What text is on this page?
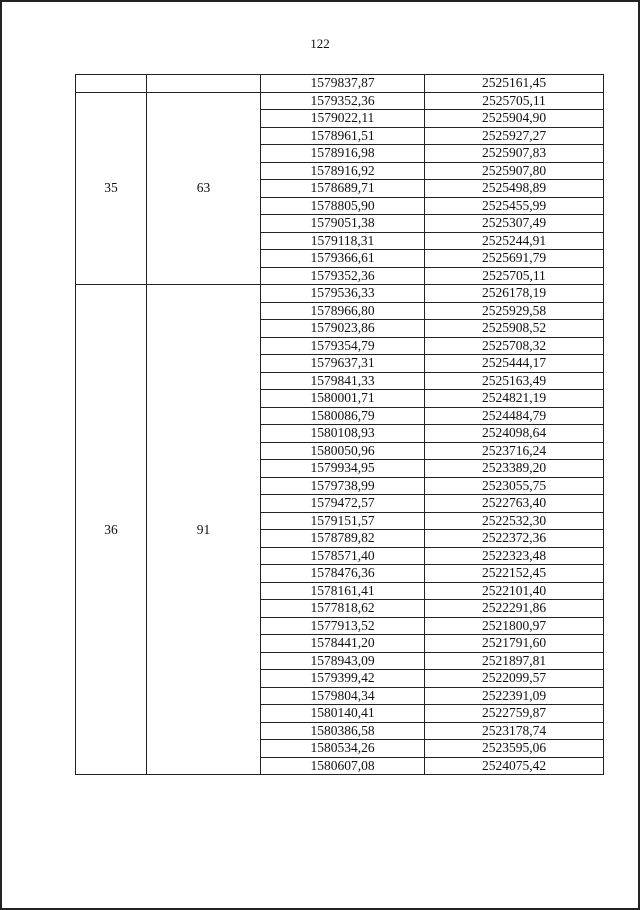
122
		1579837,87	2525161,45
35	63	1579352,36	2525705,11
		1579022,11	2525904,90
		1578961,51	2525927,27
		1578916,98	2525907,83
		1578916,92	2525907,80
		1578689,71	2525498,89
		1578805,90	2525455,99
		1579051,38	2525307,49
		1579118,31	2525244,91
		1579366,61	2525691,79
		1579352,36	2525705,11
36	91	1579536,33	2526178,19
		1578966,80	2525929,58
		1579023,86	2525908,52
		1579354,79	2525708,32
		1579637,31	2525444,17
		1579841,33	2525163,49
		1580001,71	2524821,19
		1580086,79	2524484,79
		1580108,93	2524098,64
		1580050,96	2523716,24
		1579934,95	2523389,20
		1579738,99	2523055,75
		1579472,57	2522763,40
		1579151,57	2522532,30
		1578789,82	2522372,36
		1578571,40	2522323,48
		1578476,36	2522152,45
		1578161,41	2522101,40
		1577818,62	2522291,86
		1577913,52	2521800,97
		1578441,20	2521791,60
		1578943,09	2521897,81
		1579399,42	2522099,57
		1579804,34	2522391,09
		1580140,41	2522759,87
		1580386,58	2523178,74
		1580534,26	2523595,06
		1580607,08	2524075,42
